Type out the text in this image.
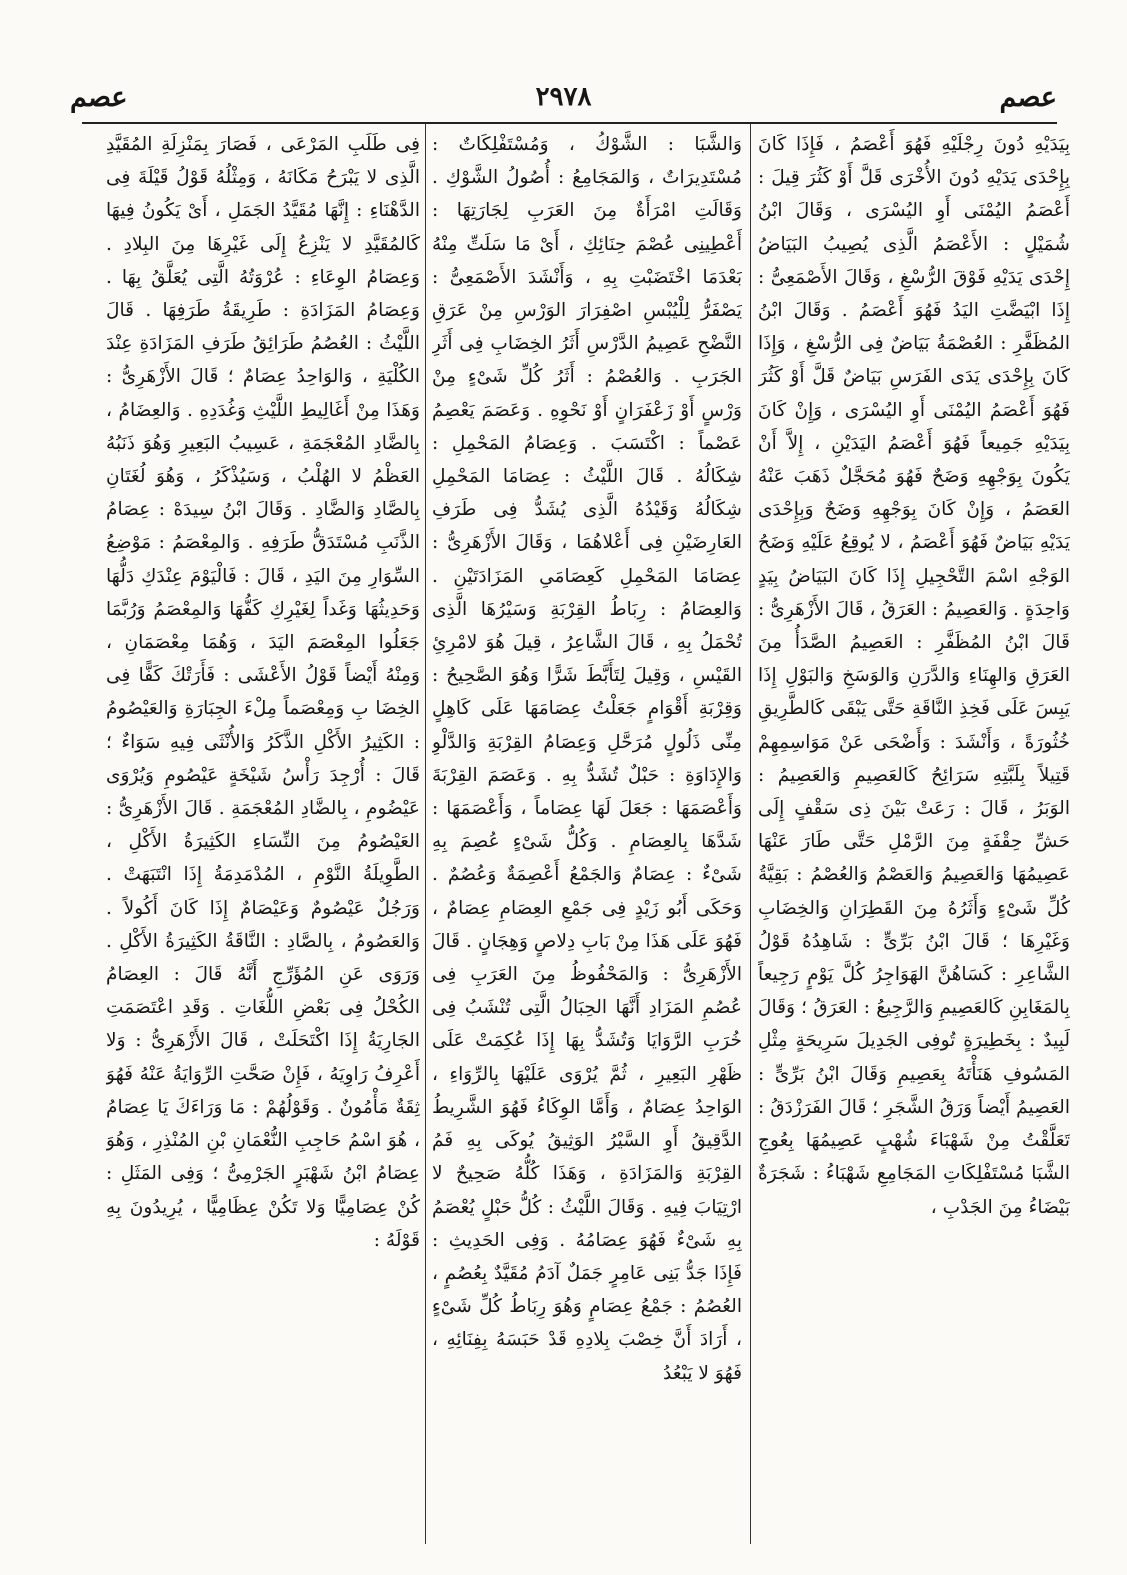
عصم
٢٩٧٨
عصم

بِيَدَيْهِ دُونَ رِجْلَيْهِ فَهُوَ أَعْصَمُ ، فَإِذَا كَانَ بِإِحْدَى يَدَيْهِ دُونَ الأُخْرَى قَلَّ أَوْ كَثُرَ قِيلَ : أَعْصَمُ اليُمْنَى أَوِ اليُسْرَى ، وَقَالَ ابْنُ شُمَيْلٍ : الأَعْصَمُ الَّذِى يُصِيبُ البَيَاضُ إِحْدَى يَدَيْهِ فَوْقَ الرُّسْغِ ، وَقَالَ الأَصْمَعِىُّ : إِذَا ابْيَضَّتِ اليَدُ فَهُوَ أَعْصَمُ . وَقَالَ ابْنُ المُظَفَّرِ : العُصْمَةُ بَيَاضٌ فِى الرُّسْغِ ، وَإِذَا كَانَ بِإِحْدَى يَدَى الفَرَسِ بَيَاضٌ قَلَّ أَوْ كَثُرَ فَهُوَ أَعْصَمُ اليُمْنَى أَوِ اليُسْرَى ، وَإِنْ كَانَ بِيَدَيْهِ جَمِيعاً فَهُوَ أَعْصَمُ اليَدَيْنِ ، إِلاَّ أَنْ يَكُونَ بِوَجْهِهِ وَضَحٌ فَهُوَ مُحَجَّلٌ ذَهَبَ عَنْهُ العَصَمُ ، وَإِنْ كَانَ بِوَجْهِهِ وَضَحٌ وَبِإِحْدَى يَدَيْهِ بَيَاضٌ فَهُوَ أَعْصَمُ ، لا يُوقِعُ عَلَيْهِ وَضَحُ الوَجْهِ اسْمَ التَّحْجِيلِ إِذَا كَانَ البَيَاضُ بِيَدٍ وَاحِدَةٍ . وَالعَصِيمُ : العَرَقُ ، قَالَ الأَزْهَرِىُّ : قَالَ ابْنُ المُظَفَّرِ : العَصِيمُ الصَّدَأُ مِنَ العَرَقِ وَالهِنَاءِ وَالدَّرَنِ وَالوَسَخِ وَالبَوْلِ إِذَا يَبِسَ عَلَى فَخِذِ النَّاقَةِ حَتَّى يَبْقَى كَالطَّرِيقِ خُثُورَةً ، وَأَنْشَدَ : وَأَضْحَى عَنْ مَوَاسِمِهِمْ قَتِيلاً بِلَبَّتِهِ سَرَائِحُ كَالعَصِيمِ وَالعَصِيمُ : الوَبَرُ ، قَالَ : رَعَتْ بَيْنَ ذِى سَقْفٍ إِلَى حَشِّ حِقْفَةٍ مِنَ الرَّمْلِ حَتَّى طَارَ عَنْهَا عَصِيمُهَا وَالعَصِيمُ وَالعَصْمُ وَالعُصْمُ : بَقِيَّةُ كُلِّ شَىْءٍ وَأَثَرُهُ مِنَ القَطِرَانِ وَالخِضَابِ وَغَيْرِهَا ؛ قَالَ ابْنُ بَرِّىٍّ : شَاهِدُهُ قَوْلُ الشَّاعِرِ : كَسَاهُنَّ الهَوَاجِرُ كُلَّ يَوْمٍ رَجِيعاً بِالمَغَابِنِ كَالعَصِيمِ وَالرَّجِيعُ : العَرَقُ ؛ وَقَالَ لَبِيدٌ : بِخَطِيرَةٍ تُوفِى الجَدِيلَ سَرِيحَةٍ مِثْلِ المَسُوفِ هَنَأْتَهُ بِعَصِيمِ وَقَالَ ابْنُ بَرِّىٍّ : العَصِيمُ أَيْضاً وَرَقُ الشَّجَرِ ؛ قَالَ الفَرَزْدَقُ : تَعَلَّقْتُ مِنْ شَهْبَاءَ شُهْبٍ عَصِيمُهَا بِعُوجِ الشَّبَا مُسْتَفْلِكَاتِ المَجَامِعِ شَهْبَاءُ : شَجَرَةٌ بَيْضَاءُ مِنَ الجَدْبِ ،

وَالشَّبَا : الشَّوْكُ ، وَمُسْتَفْلِكَاتٌ : مُسْتَدِيرَاتٌ ، وَالمَجَامِعُ : أُصُولُ الشَّوْكِ . وَقَالَتِ امْرَأَةٌ مِنَ العَرَبِ لِجَارَتِهَا : أَعْطِينِى عُصْمَ حِنَائِكِ ، أَىْ مَا سَلَتِّ مِنْهُ بَعْدَمَا اخْتَضَبْتِ بِهِ ، وَأَنْشَدَ الأَصْمَعِىُّ : يَصْفَرُّ لِلْيُبْسِ اصْفِرَارَ الوَرْسِ مِنْ عَرَقِ النَّضْحِ عَصِيمُ الدَّرْسِ أَثَرُ الخِضَابِ فِى أَثَرِ الجَرَبِ . وَالعُصْمُ : أَثَرُ كُلِّ شَىْءٍ مِنْ وَرْسٍ أَوْ زَعْفَرَانٍ أَوْ نَحْوِهِ . وَعَصَمَ يَعْصِمُ عَصْماً : اكْتَسَبَ . وَعِصَامُ المَحْمِلِ : شِكَالُهُ . قَالَ اللَّيْثُ : عِصَامَا المَحْمِلِ شِكَالُهُ وَقَيْدُهُ الَّذِى يُشَدُّ فِى طَرَفِ العَارِضَيْنِ فِى أَعْلاهُمَا ، وَقَالَ الأَزْهَرِىُّ : عِصَامَا المَحْمِلِ كَعِصَامَىِ المَزَادَتَيْنِ . وَالعِصَامُ : رِبَاطُ القِرْبَةِ وَسَيْرُهَا الَّذِى تُحْمَلُ بِهِ ، قَالَ الشَّاعِرُ ، قِيلَ هُوَ لامْرِئِ القَيْسِ ، وَقِيلَ لِتَأَبَّطَ شَرًّا وَهُوَ الصَّحِيحُ : وَقِرْبَةِ أَقْوَامٍ جَعَلْتُ عِصَامَهَا عَلَى كَاهِلٍ مِنِّى ذَلُولٍ مُرَحَّلِ وَعِصَامُ القِرْبَةِ وَالدَّلْوِ وَالإِدَاوَةِ : حَبْلٌ تُشَدُّ بِهِ . وَعَصَمَ القِرْبَةَ وَأَعْصَمَهَا : جَعَلَ لَهَا عِصَاماً ، وَأَعْصَمَهَا : شَدَّهَا بِالعِصَامِ . وَكُلُّ شَىْءٍ عُصِمَ بِهِ شَىْءٌ : عِصَامٌ وَالجَمْعُ أَعْصِمَةٌ وَعُصُمٌ . وَحَكَى أَبُو زَيْدٍ فِى جَمْعِ العِصَامِ عِصَامٌ ، فَهُوَ عَلَى هَذَا مِنْ بَابِ دِلاصٍ وَهِجَانٍ . قَالَ الأَزْهَرِىُّ : وَالمَحْفُوظُ مِنَ العَرَبِ فِى عُصُمِ المَزَادِ أَنَّهَا الحِبَالُ الَّتِى تُنْشَبُ فِى خُرَبِ الرَّوَايَا وَتُشَدُّ بِهَا إِذَا عُكِمَتْ عَلَى ظَهْرِ البَعِيرِ ، ثُمَّ يُرْوَى عَلَيْهَا بِالرِّوَاءِ ، الوَاحِدُ عِصَامٌ ، وَأَمَّا الوِكَاءُ فَهُوَ الشَّرِيطُ الدَّقِيقُ أَوِ السَّيْرُ الوَثِيقُ يُوكَى بِهِ فَمُ القِرْبَةِ وَالمَزَادَةِ ، وَهَذَا كُلُّهُ صَحِيحٌ لا ارْتِيَابَ فِيهِ . وَقَالَ اللَّيْثُ : كُلُّ حَبْلٍ يُعْصَمُ بِهِ شَىْءٌ فَهُوَ عِصَامُهُ . وَفِى الحَدِيثِ : فَإِذَا جَدُّ بَنِى عَامِرٍ جَمَلٌ آدَمُ مُقَيَّدٌ بِعُصُمٍ ، العُصُمُ : جَمْعُ عِصَامٍ وَهُوَ رِبَاطُ كُلِّ شَىْءٍ ، أَرَادَ أَنَّ خِصْبَ بِلادِهِ قَدْ حَبَسَهُ بِفِنَائِهِ ، فَهُوَ لا يَبْعُدُ

فِى طَلَبِ المَرْعَى ، فَصَارَ بِمَنْزِلَةِ المُقَيَّدِ الَّذِى لا يَبْرَحُ مَكَانَهُ ، وَمِثْلُهُ قَوْلُ قَيْلَةَ فِى الدَّهْنَاءِ : إِنَّهَا مُقَيَّدُ الجَمَلِ ، أَىْ يَكُونُ فِيهَا كَالمُقَيَّدِ لا يَنْزِعُ إِلَى غَيْرِهَا مِنَ البِلادِ . وَعِصَامُ الوِعَاءِ : عُرْوَتُهُ الَّتِى يُعَلَّقُ بِهَا . وَعِصَامُ المَزَادَةِ : طَرِيقَةُ طَرَفِهَا . قَالَ اللَّيْثُ : العُصُمُ طَرَائِقُ طَرَفِ المَزَادَةِ عِنْدَ الكُلْيَةِ ، وَالوَاحِدُ عِصَامٌ ؛ قَالَ الأَزْهَرِىُّ : وَهَذَا مِنْ أَغَالِيطِ اللَّيْثِ وَغُدَدِهِ . وَالعِضَامُ ، بِالضَّادِ المُعْجَمَةِ ، عَسِيبُ البَعِيرِ وَهُوَ ذَنَبُهُ العَظْمُ لا الهُلْبُ ، وَسَيُذْكَرُ ، وَهُوَ لُغَتَانِ بِالصَّادِ وَالضَّادِ . وَقَالَ ابْنُ سِيدَهْ : عِصَامُ الذَّنَبِ مُسْتَدَقُّ طَرَفِهِ . وَالمِعْصَمُ : مَوْضِعُ السِّوَارِ مِنَ اليَدِ ، قَالَ : فَالْيَوْمَ عِنْدَكِ دَلُّهَا وَحَدِيثُهَا وَغَداً لِغَيْرِكِ كَفُّهَا وَالمِعْصَمُ وَرُبَّمَا جَعَلُوا المِعْصَمَ اليَدَ ، وَهُمَا مِعْصَمَانِ ، وَمِنْهُ أَيْضاً قَوْلُ الأَعْشَى : فَأَرَتْكَ كَفًّا فِى الخِضَا بِ وَمِعْصَماً مِلْءَ الجِبَارَةِ وَالعَيْصُومُ : الكَثِيرُ الأَكْلِ الذَّكَرُ وَالأُنْثَى فِيهِ سَوَاءٌ ؛ قَالَ : أُرْجِدَ رَأْسُ شَيْخَةٍ عَيْصُومِ وَيُرْوَى عَيْضُومِ ، بِالضَّادِ المُعْجَمَةِ . قَالَ الأَزْهَرِىُّ : العَيْصُومُ مِنَ النِّسَاءِ الكَثِيرَةُ الأَكْلِ ، الطَّوِيلَةُ النَّوْمِ ، المُدْمَدِمَةُ إِذَا انْتَبَهَتْ . وَرَجُلٌ عَيْصُومٌ وَعَيْصَامٌ إِذَا كَانَ أَكُولاً . وَالعَصُومُ ، بِالصَّادِ : النَّاقَةُ الكَثِيرَةُ الأَكْلِ . وَرَوَى عَنِ المُؤَرِّجِ أَنَّهُ قَالَ : العِصَامُ الكُحْلُ فِى بَعْضِ اللُّغَاتِ . وَقَدِ اعْتَصَمَتِ الجَارِيَةُ إِذَا اكْتَحَلَتْ ، قَالَ الأَزْهَرِىُّ : وَلا أَعْرِفُ رَاوِيَهُ ، فَإِنْ صَحَّتِ الرِّوَايَةُ عَنْهُ فَهُوَ ثِقَةٌ مَأْمُونٌ . وَقَوْلُهُمْ : مَا وَرَاءَكَ يَا عِصَامُ ، هُوَ اسْمُ حَاجِبِ النُّعْمَانِ بْنِ المُنْذِرِ ، وَهُوَ عِصَامُ ابْنُ شَهْبَرٍ الجَرْمِىُّ ؛ وَفِى المَثَلِ : كُنْ عِصَامِيًّا وَلا تَكُنْ عِظَامِيًّا ، يُرِيدُونَ بِهِ قَوْلَهُ :
